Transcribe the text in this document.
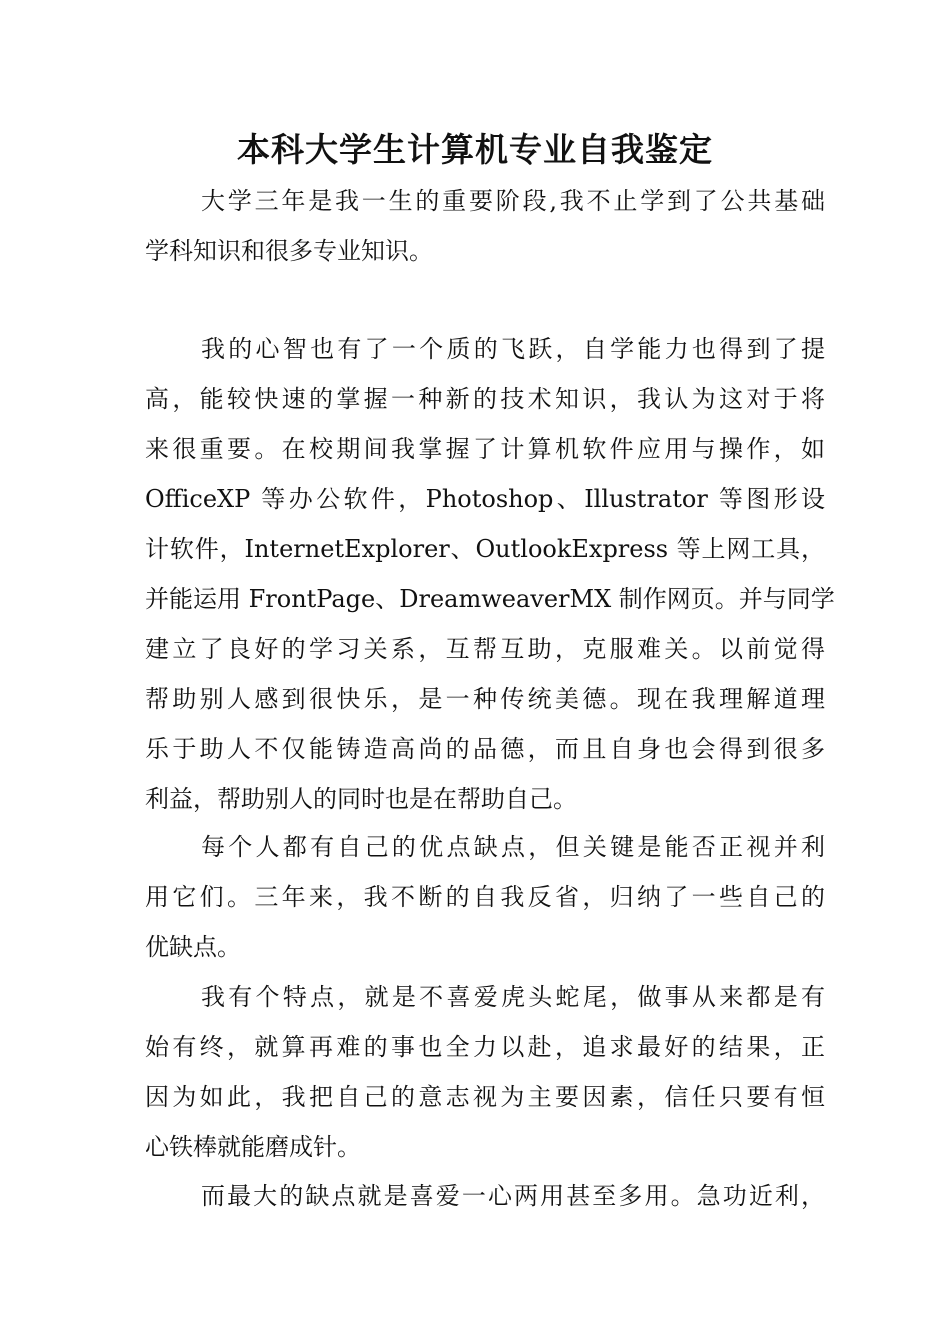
本科大学生计算机专业自我鉴定
大学三年是我一生的重要阶段,我不止学到了公共基础
学科知识和很多专业知识。
我的心智也有了一个质的飞跃，自学能力也得到了提
高，能较快速的掌握一种新的技术知识，我认为这对于将
来很重要。在校期间我掌握了计算机软件应用与操作，如
OfficeXP 等办公软件，Photoshop、Illustrator 等图形设
计软件，InternetExplorer、OutlookExpress 等上网工具，
并能运用 FrontPage、DreamweaverMX 制作网页。并与同学
建立了良好的学习关系，互帮互助，克服难关。以前觉得
帮助别人感到很快乐，是一种传统美德。现在我理解道理
乐于助人不仅能铸造高尚的品德，而且自身也会得到很多
利益，帮助别人的同时也是在帮助自己。
每个人都有自己的优点缺点，但关键是能否正视并利
用它们。三年来，我不断的自我反省，归纳了一些自己的
优缺点。
我有个特点，就是不喜爱虎头蛇尾，做事从来都是有
始有终，就算再难的事也全力以赴，追求最好的结果，正
因为如此，我把自己的意志视为主要因素，信任只要有恒
心铁棒就能磨成针。
而最大的缺点就是喜爱一心两用甚至多用。急功近利，
